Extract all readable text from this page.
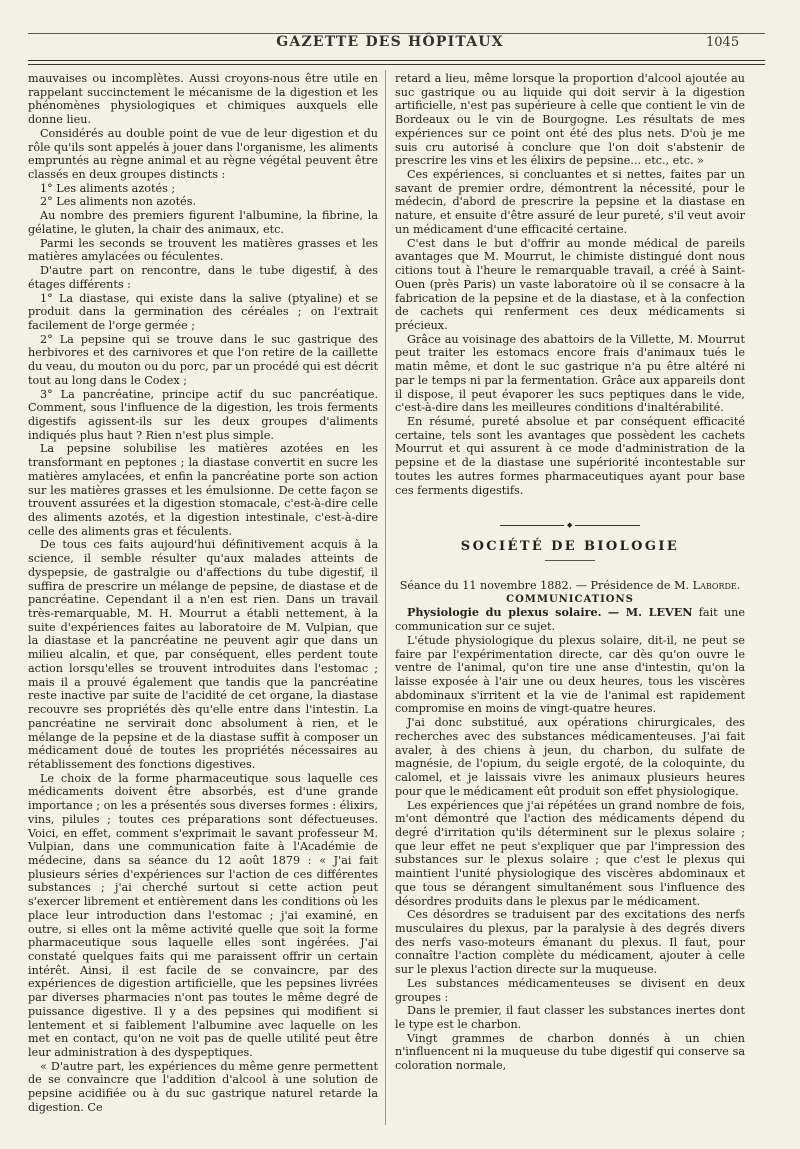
GAZETTE DES HÔPITAUX	1045

mauvaises ou incomplètes. Aussi croyons-nous être utile en rappelant succinctement le mécanisme de la digestion et les phénomènes physiologiques et chimiques auxquels elle donne lieu.

Considérés au double point de vue de leur digestion et du rôle qu'ils sont appelés à jouer dans l'organisme, les aliments empruntés au règne animal et au règne végétal peuvent être classés en deux groupes distincts :

1° Les aliments azotés ;

2° Les aliments non azotés.

Au nombre des premiers figurent l'albumine, la fibrine, la gélatine, le gluten, la chair des animaux, etc.

Parmi les seconds se trouvent les matières grasses et les matières amylacées ou féculentes.

D'autre part on rencontre, dans le tube digestif, à des étages différents :

1° La diastase, qui existe dans la salive (ptyaline) et se produit dans la germination des céréales ; on l'extrait facilement de l'orge germée ;

2° La pepsine qui se trouve dans le suc gastrique des herbivores et des carnivores et que l'on retire de la caillette du veau, du mouton ou du porc, par un procédé qui est décrit tout au long dans le Codex ;

3° La pancréatine, principe actif du suc pancréatique. Comment, sous l'influence de la digestion, les trois ferments digestifs agissent-ils sur les deux groupes d'aliments indiqués plus haut ? Rien n'est plus simple.

La pepsine solubilise les matières azotées en les transformant en peptones ; la diastase convertit en sucre les matières amylacées, et enfin la pancréatine porte son action sur les matières grasses et les émulsionne. De cette façon se trouvent assurées et la digestion stomacale, c'est-à-dire celle des aliments azotés, et la digestion intestinale, c'est-à-dire celle des aliments gras et féculents.

De tous ces faits aujourd'hui définitivement acquis à la science, il semble résulter qu'aux malades atteints de dyspepsie, de gastralgie ou d'affections du tube digestif, il suffira de prescrire un mélange de pepsine, de diastase et de pancréatine. Cependant il a n'en est rien. Dans un travail très-remarquable, M. H. Mourrut a établi nettement, à la suite d'expériences faites au laboratoire de M. Vulpian, que la diastase et la pancréatine ne peuvent agir que dans un milieu alcalin, et que, par conséquent, elles perdent toute action lorsqu'elles se trouvent introduites dans l'estomac ; mais il a prouvé également que tandis que la pancréatine reste inactive par suite de l'acidité de cet organe, la diastase recouvre ses propriétés dès qu'elle entre dans l'intestin. La pancréatine ne servirait donc absolument à rien, et le mélange de la pepsine et de la diastase suffit à composer un médicament doué de toutes les propriétés nécessaires au rétablissement des fonctions digestives.

Le choix de la forme pharmaceutique sous laquelle ces médicaments doivent être absorbés, est d'une grande importance ; on les a présentés sous diverses formes : élixirs, vins, pilules ; toutes ces préparations sont défectueuses. Voici, en effet, comment s'exprimait le savant professeur M. Vulpian, dans une communication faite à l'Académie de médecine, dans sa séance du 12 août 1879 : « J'ai fait plusieurs séries d'expériences sur l'action de ces différentes substances ; j'ai cherché surtout si cette action peut s'exercer librement et entièrement dans les conditions où les place leur introduction dans l'estomac ; j'ai examiné, en outre, si elles ont la même activité quelle que soit la forme pharmaceutique sous laquelle elles sont ingérées. J'ai constaté quelques faits qui me paraissent offrir un certain intérêt. Ainsi, il est facile de se convaincre, par des expériences de digestion artificielle, que les pepsines livrées par diverses pharmacies n'ont pas toutes le même degré de puissance digestive. Il y a des pepsines qui modifient si lentement et si faiblement l'albumine avec laquelle on les met en contact, qu'on ne voit pas de quelle utilité peut être leur administration à des dyspeptiques.

« D'autre part, les expériences du même genre permettent de se convaincre que l'addition d'alcool à une solution de pepsine acidifiée ou à du suc gastrique naturel retarde la digestion. Ce

retard a lieu, même lorsque la proportion d'alcool ajoutée au suc gastrique ou au liquide qui doit servir à la digestion artificielle, n'est pas supérieure à celle que contient le vin de Bordeaux ou le vin de Bourgogne. Les résultats de mes expériences sur ce point ont été des plus nets. D'où je me suis cru autorisé à conclure que l'on doit s'abstenir de prescrire les vins et les élixirs de pepsine... etc., etc. »

Ces expériences, si concluantes et si nettes, faites par un savant de premier ordre, démontrent la nécessité, pour le médecin, d'abord de prescrire la pepsine et la diastase en nature, et ensuite d'être assuré de leur pureté, s'il veut avoir un médicament d'une efficacité certaine.

C'est dans le but d'offrir au monde médical de pareils avantages que M. Mourrut, le chimiste distingué dont nous citions tout à l'heure le remarquable travail, a créé à Saint-Ouen (près Paris) un vaste laboratoire où il se consacre à la fabrication de la pepsine et de la diastase, et à la confection de cachets qui renferment ces deux médicaments si précieux.

Grâce au voisinage des abattoirs de la Villette, M. Mourrut peut traiter les estomacs encore frais d'animaux tués le matin même, et dont le suc gastrique n'a pu être altéré ni par le temps ni par la fermentation. Grâce aux appareils dont il dispose, il peut évaporer les sucs peptiques dans le vide, c'est-à-dire dans les meilleures conditions d'inaltérabilité.

En résumé, pureté absolue et par conséquent efficacité certaine, tels sont les avantages que possèdent les cachets Mourrut et qui assurent à ce mode d'administration de la pepsine et de la diastase une supériorité incontestable sur toutes les autres formes pharmaceutiques ayant pour base ces ferments digestifs.

◆
SOCIÉTÉ DE BIOLOGIE

Séance du 11 novembre 1882. — Présidence de M. Laborde.

COMMUNICATIONS

Physiologie du plexus solaire. — M. LEVEN fait une communication sur ce sujet.

L'étude physiologique du plexus solaire, dit-il, ne peut se faire par l'expérimentation directe, car dès qu'on ouvre le ventre de l'animal, qu'on tire une anse d'intestin, qu'on la laisse exposée à l'air une ou deux heures, tous les viscères abdominaux s'irritent et la vie de l'animal est rapidement compromise en moins de vingt-quatre heures.

J'ai donc substitué, aux opérations chirurgicales, des recherches avec des substances médicamenteuses. J'ai fait avaler, à des chiens à jeun, du charbon, du sulfate de magnésie, de l'opium, du seigle ergoté, de la coloquinte, du calomel, et je laissais vivre les animaux plusieurs heures pour que le médicament eût produit son effet physiologique.

Les expériences que j'ai répétées un grand nombre de fois, m'ont démontré que l'action des médicaments dépend du degré d'irritation qu'ils déterminent sur le plexus solaire ; que leur effet ne peut s'expliquer que par l'impression des substances sur le plexus solaire ; que c'est le plexus qui maintient l'unité physiologique des viscères abdominaux et que tous se dérangent simultanément sous l'influence des désordres produits dans le plexus par le médicament.

Ces désordres se traduisent par des excitations des nerfs musculaires du plexus, par la paralysie à des degrés divers des nerfs vaso-moteurs émanant du plexus. Il faut, pour connaître l'action complète du médicament, ajouter à celle sur le plexus l'action directe sur la muqueuse.

Les substances médicamenteuses se divisent en deux groupes :

Dans le premier, il faut classer les substances inertes dont le type est le charbon.

Vingt grammes de charbon donnés à un chien n'influencent ni la muqueuse du tube digestif qui conserve sa coloration normale,
